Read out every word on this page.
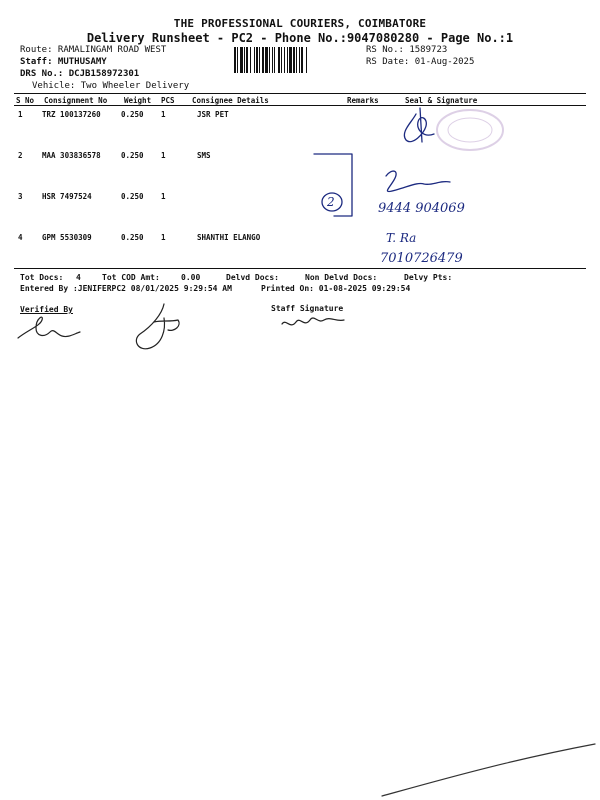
THE PROFESSIONAL COURIERS, COIMBATORE
Delivery Runsheet - PC2 - Phone No.:9047080280 - Page No.:1
Route: RAMALINGAM ROAD WEST
Staff: MUTHUSAMY
DRS No.: DCJB158972301
Vehicle: Two Wheeler Delivery
RS No.: 1589723
RS Date: 01-Aug-2025
S No Consignment No Weight PCS Consignee Details	Remarks	Seal & Signature
1	TRZ 100137260	0.250 1	JSR PET
2	MAA 303836578	0.250 1	SMS
3	HSR 7497524	0.250 1
4	GPM 5530309	0.250 1	SHANTHI ELANGO
2	9444 904069
T. Ra
7010726479
Tot Docs: 4	Tot COD Amt:	0.00	Delvd Docs:	Non Delvd Docs:	Delvy Pts:
Entered By :JENIFERPC2 08/01/2025 9:29:54 AM	Printed On: 01-08-2025 09:29:54
Verified By	Staff Signature
